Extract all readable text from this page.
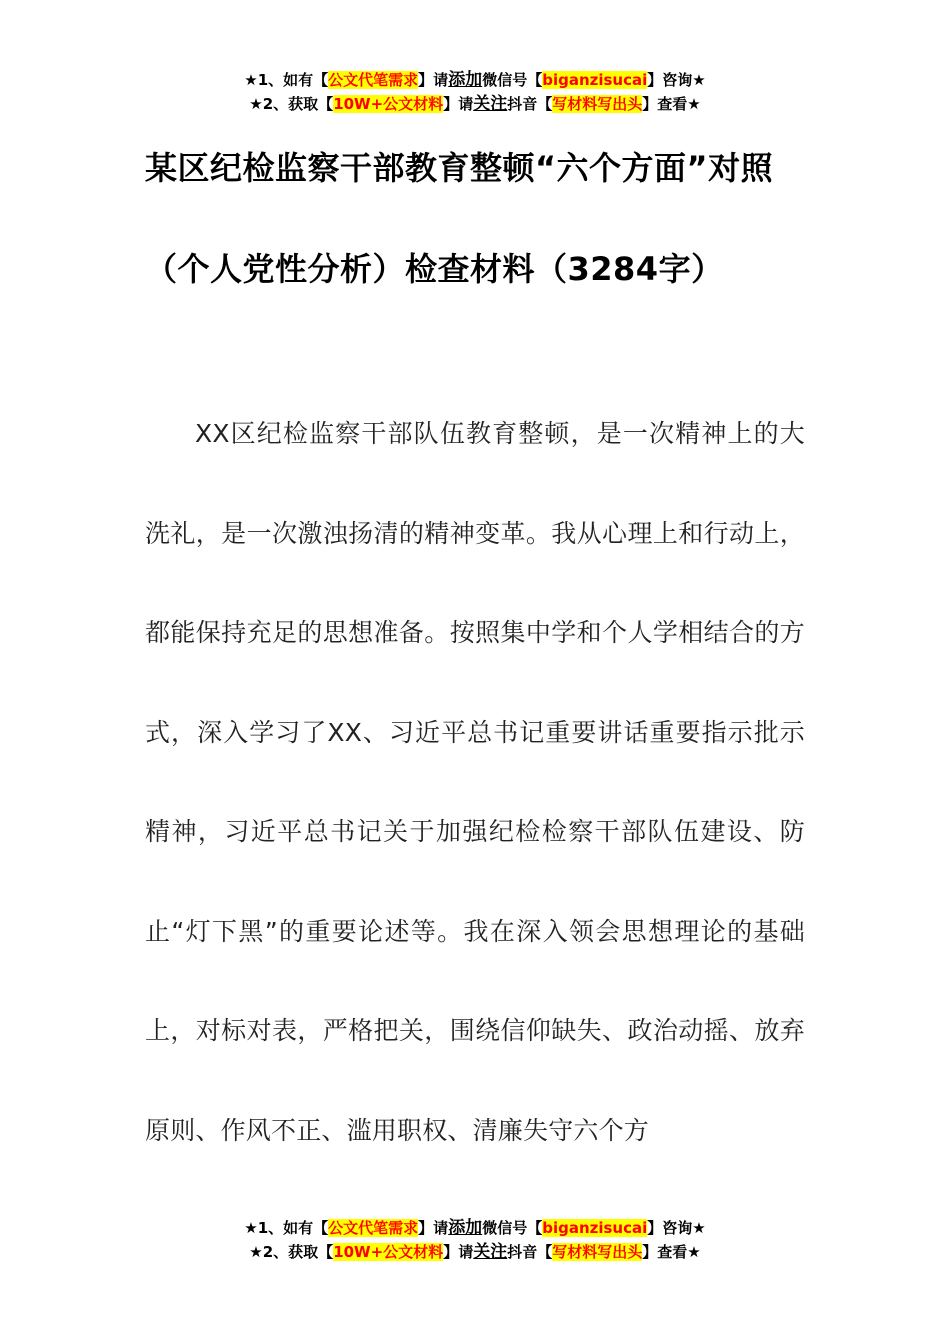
★1、如有【公文代笔需求】请添加微信号【biganzisucai】咨询★
★2、获取【10W+公文材料】请关注抖音【写材料写出头】查看★
某区纪检监察干部教育整顿“六个方面”对照（个人党性分析）检查材料（3284字）

XX区纪检监察干部队伍教育整顿，是一次精神上的大洗礼，是一次激浊扬清的精神变革。我从心理上和行动上，都能保持充足的思想准备。按照集中学和个人学相结合的方式，深入学习了XX、习近平总书记重要讲话重要指示批示精神，习近平总书记关于加强纪检检察干部队伍建设、防止“灯下黑”的重要论述等。我在深入领会思想理论的基础上，对标对表，严格把关，围绕信仰缺失、政治动摇、放弃原则、作风不正、滥用职权、清廉失守六个方

★1、如有【公文代笔需求】请添加微信号【biganzisucai】咨询★
★2、获取【10W+公文材料】请关注抖音【写材料写出头】查看★
